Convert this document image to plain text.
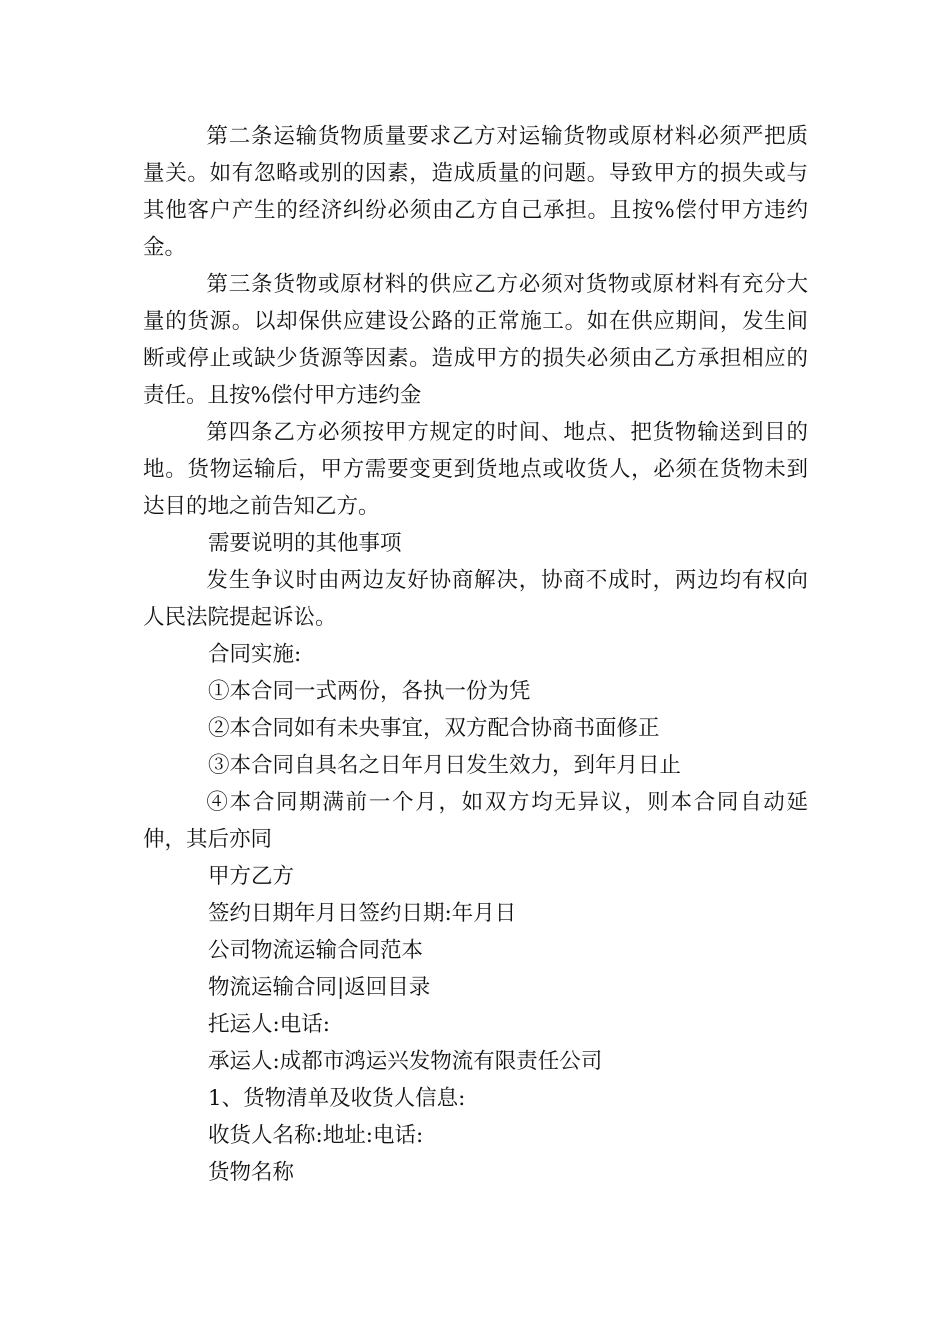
第二条运输货物质量要求乙方对运输货物或原材料必须严把质量关。如有忽略或别的因素，造成质量的问题。导致甲方的损失或与其他客户产生的经济纠纷必须由乙方自己承担。且按%偿付甲方违约金。

第三条货物或原材料的供应乙方必须对货物或原材料有充分大量的货源。以却保供应建设公路的正常施工。如在供应期间，发生间断或停止或缺少货源等因素。造成甲方的损失必须由乙方承担相应的责任。且按%偿付甲方违约金

第四条乙方必须按甲方规定的时间、地点、把货物输送到目的地。货物运输后，甲方需要变更到货地点或收货人，必须在货物未到达目的地之前告知乙方。

需要说明的其他事项

发生争议时由两边友好协商解决，协商不成时，两边均有权向人民法院提起诉讼。

合同实施:

①本合同一式两份，各执一份为凭

②本合同如有未央事宜，双方配合协商书面修正

③本合同自具名之日年月日发生效力，到年月日止

④本合同期满前一个月，如双方均无异议，则本合同自动延伸，其后亦同

甲方乙方

签约日期年月日签约日期:年月日

公司物流运输合同范本

物流运输合同|返回目录

托运人:电话:

承运人:成都市鸿运兴发物流有限责任公司

1、货物清单及收货人信息:

收货人名称:地址:电话:

货物名称
